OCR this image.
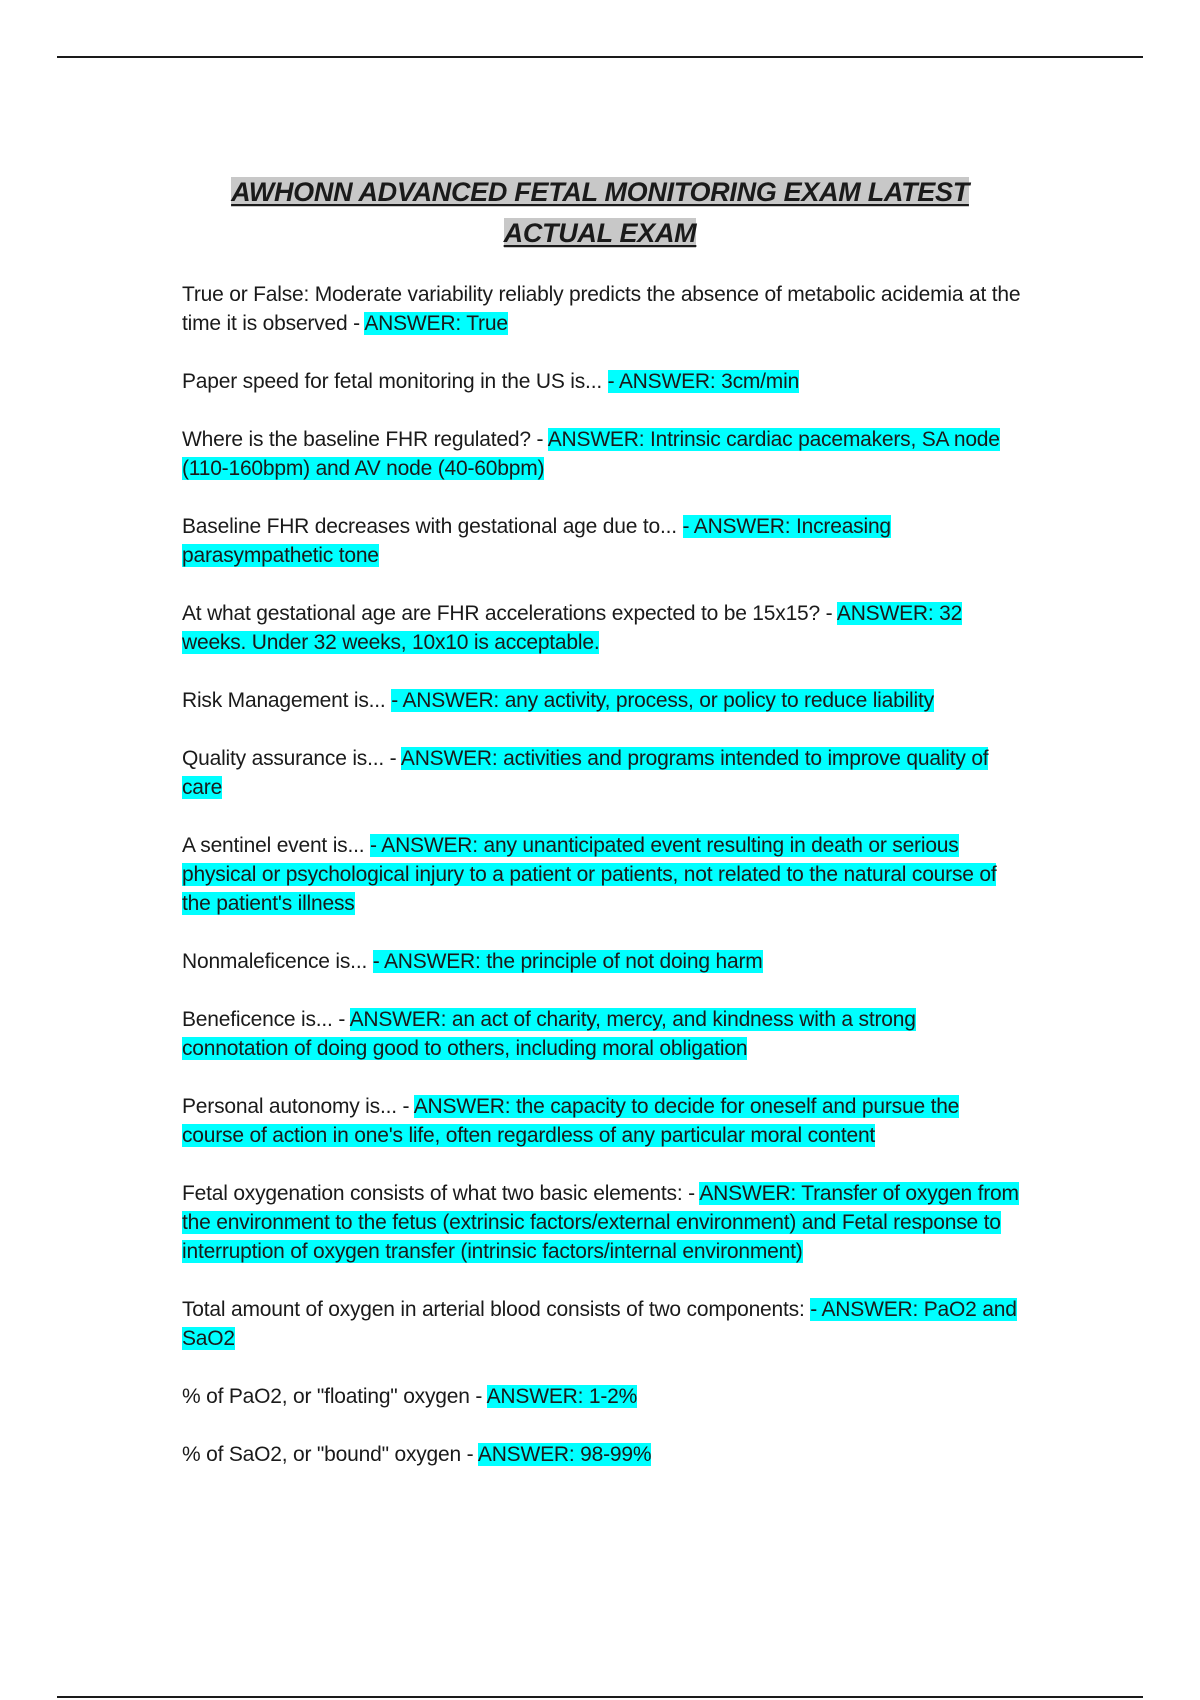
AWHONN ADVANCED FETAL MONITORING EXAM LATEST
ACTUAL EXAM

True or False: Moderate variability reliably predicts the absence of metabolic acidemia at the time it is observed - ANSWER: True

Paper speed for fetal monitoring in the US is... - ANSWER: 3cm/min

Where is the baseline FHR regulated? - ANSWER: Intrinsic cardiac pacemakers, SA node (110-160bpm) and AV node (40-60bpm)

Baseline FHR decreases with gestational age due to... - ANSWER: Increasing parasympathetic tone

At what gestational age are FHR accelerations expected to be 15x15? - ANSWER: 32 weeks. Under 32 weeks, 10x10 is acceptable.

Risk Management is... - ANSWER: any activity, process, or policy to reduce liability

Quality assurance is... - ANSWER: activities and programs intended to improve quality of care

A sentinel event is... - ANSWER: any unanticipated event resulting in death or serious physical or psychological injury to a patient or patients, not related to the natural course of the patient's illness

Nonmaleficence is... - ANSWER: the principle of not doing harm

Beneficence is... - ANSWER: an act of charity, mercy, and kindness with a strong connotation of doing good to others, including moral obligation

Personal autonomy is... - ANSWER: the capacity to decide for oneself and pursue the course of action in one's life, often regardless of any particular moral content

Fetal oxygenation consists of what two basic elements: - ANSWER: Transfer of oxygen from the environment to the fetus (extrinsic factors/external environment) and Fetal response to interruption of oxygen transfer (intrinsic factors/internal environment)

Total amount of oxygen in arterial blood consists of two components: - ANSWER: PaO2 and SaO2

% of PaO2, or "floating" oxygen - ANSWER: 1-2%

% of SaO2, or "bound" oxygen - ANSWER: 98-99%
